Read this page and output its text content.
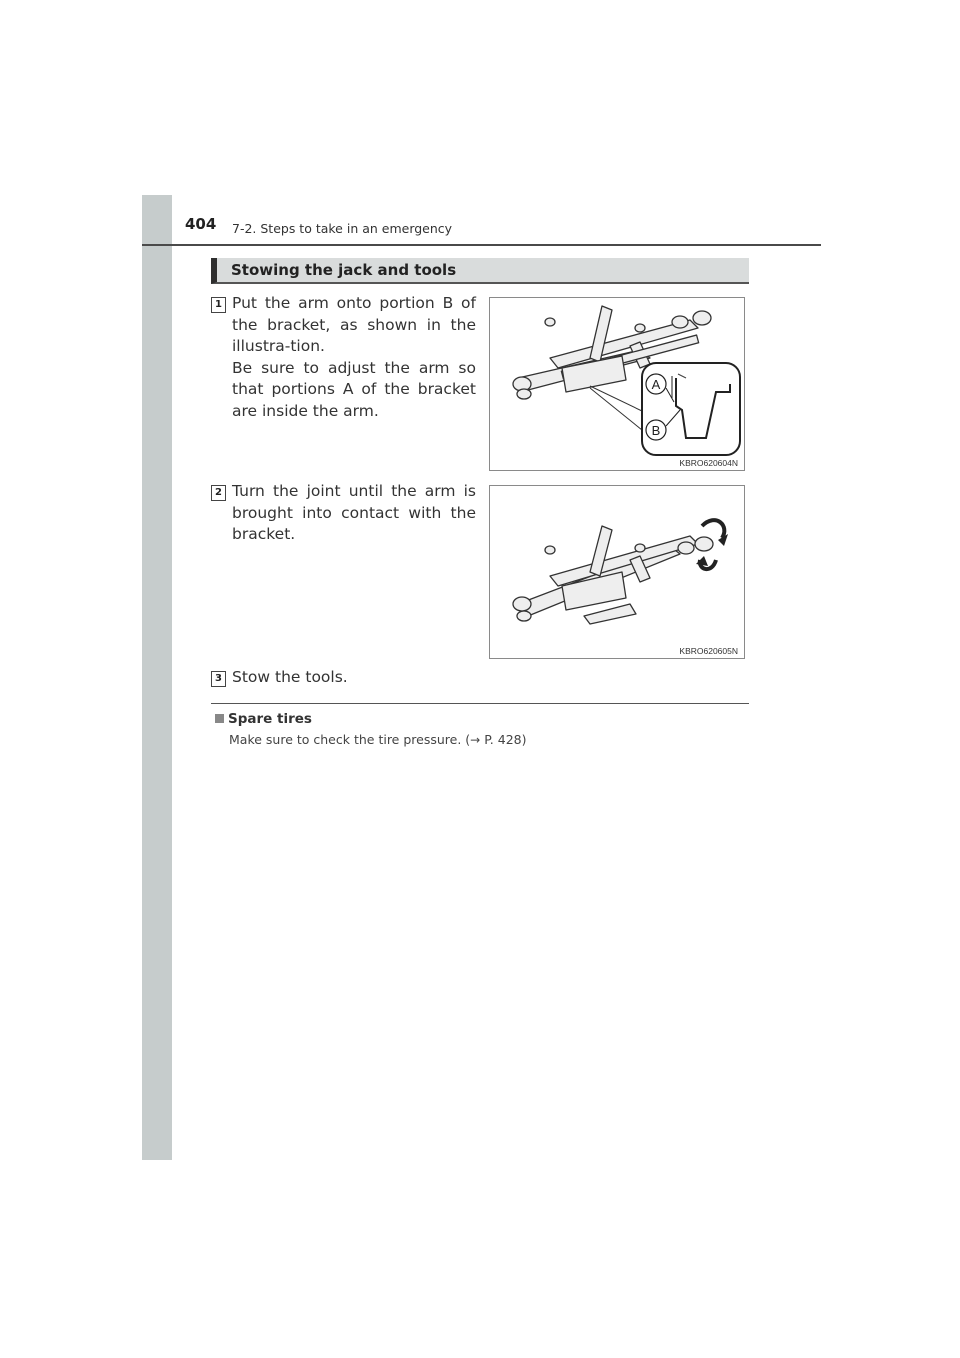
404 7-2. Steps to take in an emergency
Stowing the jack and tools
1 Put the arm onto portion B of the bracket, as shown in the illustra-tion.
Be sure to adjust the arm so that portions A of the bracket are inside the arm.
A
B
KBRO620604N
2 Turn the joint until the arm is brought into contact with the bracket.
KBRO620605N
3 Stow the tools.
Spare tires
Make sure to check the tire pressure. (→ P. 428)
